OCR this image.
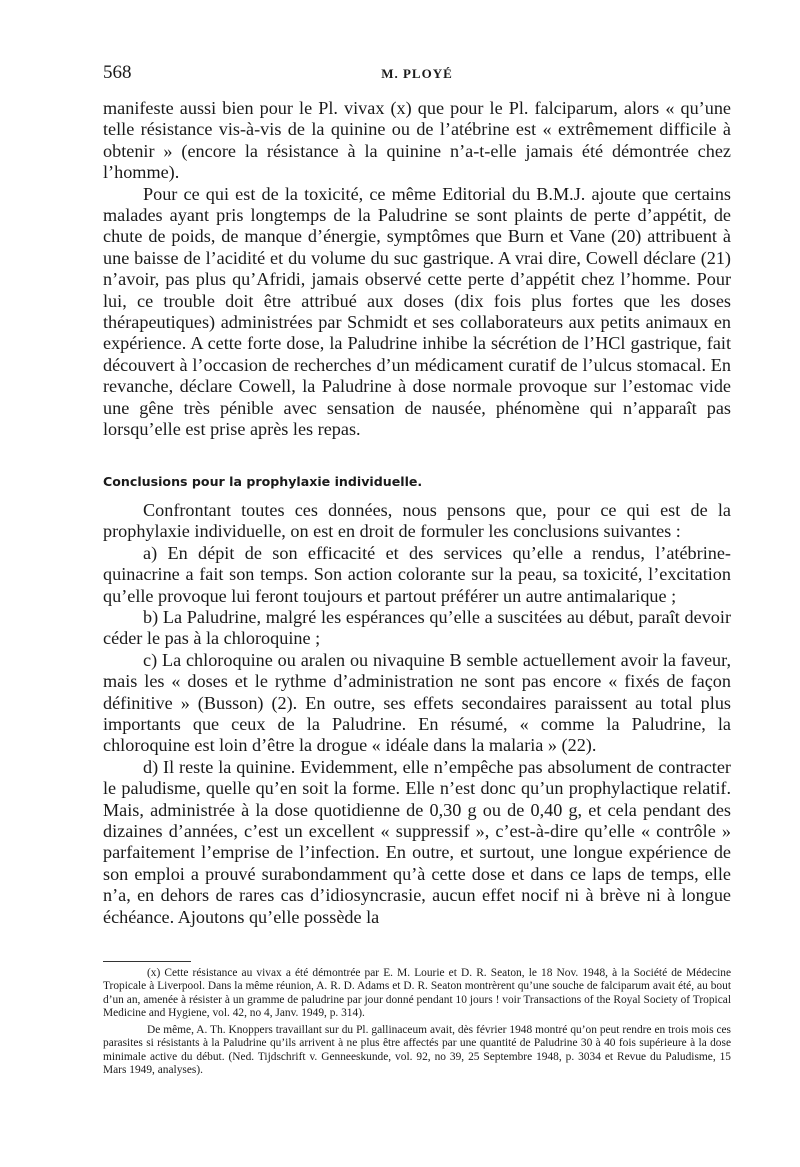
568	M. PLOYÉ

manifeste aussi bien pour le Pl. vivax (x) que pour le Pl. falciparum, alors « qu’une telle résistance vis-à-vis de la quinine ou de l’atébrine est « extrêmement difficile à obtenir » (encore la résistance à la quinine n’a-t-elle jamais été démontrée chez l’homme).

Pour ce qui est de la toxicité, ce même Editorial du B.M.J. ajoute que certains malades ayant pris longtemps de la Paludrine se sont plaints de perte d’appétit, de chute de poids, de manque d’énergie, symptômes que Burn et Vane (20) attribuent à une baisse de l’acidité et du volume du suc gastrique. A vrai dire, Cowell déclare (21) n’avoir, pas plus qu’Afridi, jamais observé cette perte d’appétit chez l’homme. Pour lui, ce trouble doit être attribué aux doses (dix fois plus fortes que les doses thérapeutiques) administrées par Schmidt et ses collaborateurs aux petits animaux en expérience. A cette forte dose, la Paludrine inhibe la sécrétion de l’HCl gastrique, fait découvert à l’occasion de recherches d’un médicament curatif de l’ulcus stomacal. En revanche, déclare Cowell, la Paludrine à dose normale provoque sur l’estomac vide une gêne très pénible avec sensation de nausée, phénomène qui n’apparaît pas lorsqu’elle est prise après les repas.

Conclusions pour la prophylaxie individuelle.

Confrontant toutes ces données, nous pensons que, pour ce qui est de la prophylaxie individuelle, on est en droit de formuler les conclusions suivantes :

a) En dépit de son efficacité et des services qu’elle a rendus, l’atébrine-quinacrine a fait son temps. Son action colorante sur la peau, sa toxicité, l’excitation qu’elle provoque lui feront toujours et partout préférer un autre antimalarique ;

b) La Paludrine, malgré les espérances qu’elle a suscitées au début, paraît devoir céder le pas à la chloroquine ;

c) La chloroquine ou aralen ou nivaquine B semble actuellement avoir la faveur, mais les « doses et le rythme d’administration ne sont pas encore « fixés de façon définitive » (Busson) (2). En outre, ses effets secondaires paraissent au total plus importants que ceux de la Paludrine. En résumé, « comme la Paludrine, la chloroquine est loin d’être la drogue « idéale dans la malaria » (22).

d) Il reste la quinine. Evidemment, elle n’empêche pas absolument de contracter le paludisme, quelle qu’en soit la forme. Elle n’est donc qu’un prophylactique relatif. Mais, administrée à la dose quotidienne de 0,30 g ou de 0,40 g, et cela pendant des dizaines d’années, c’est un excellent « suppressif », c’est-à-dire qu’elle « contrôle » parfaitement l’emprise de l’infection. En outre, et surtout, une longue expérience de son emploi a prouvé surabondamment qu’à cette dose et dans ce laps de temps, elle n’a, en dehors de rares cas d’idiosyncrasie, aucun effet nocif ni à brève ni à longue échéance. Ajoutons qu’elle possède la

(x) Cette résistance au vivax a été démontrée par E. M. Lourie et D. R. Seaton, le 18 Nov. 1948, à la Société de Médecine Tropicale à Liverpool. Dans la même réunion, A. R. D. Adams et D. R. Seaton montrèrent qu’une souche de falciparum avait été, au bout d’un an, amenée à résister à un gramme de paludrine par jour donné pendant 10 jours ! voir Transactions of the Royal Society of Tropical Medicine and Hygiene, vol. 42, no 4, Janv. 1949, p. 314).

De même, A. Th. Knoppers travaillant sur du Pl. gallinaceum avait, dès février 1948 montré qu’on peut rendre en trois mois ces parasites si résistants à la Paludrine qu’ils arrivent à ne plus être affectés par une quantité de Paludrine 30 à 40 fois supérieure à la dose minimale active du début. (Ned. Tijdschrift v. Genneeskunde, vol. 92, no 39, 25 Septembre 1948, p. 3034 et Revue du Paludisme, 15 Mars 1949, analyses).
